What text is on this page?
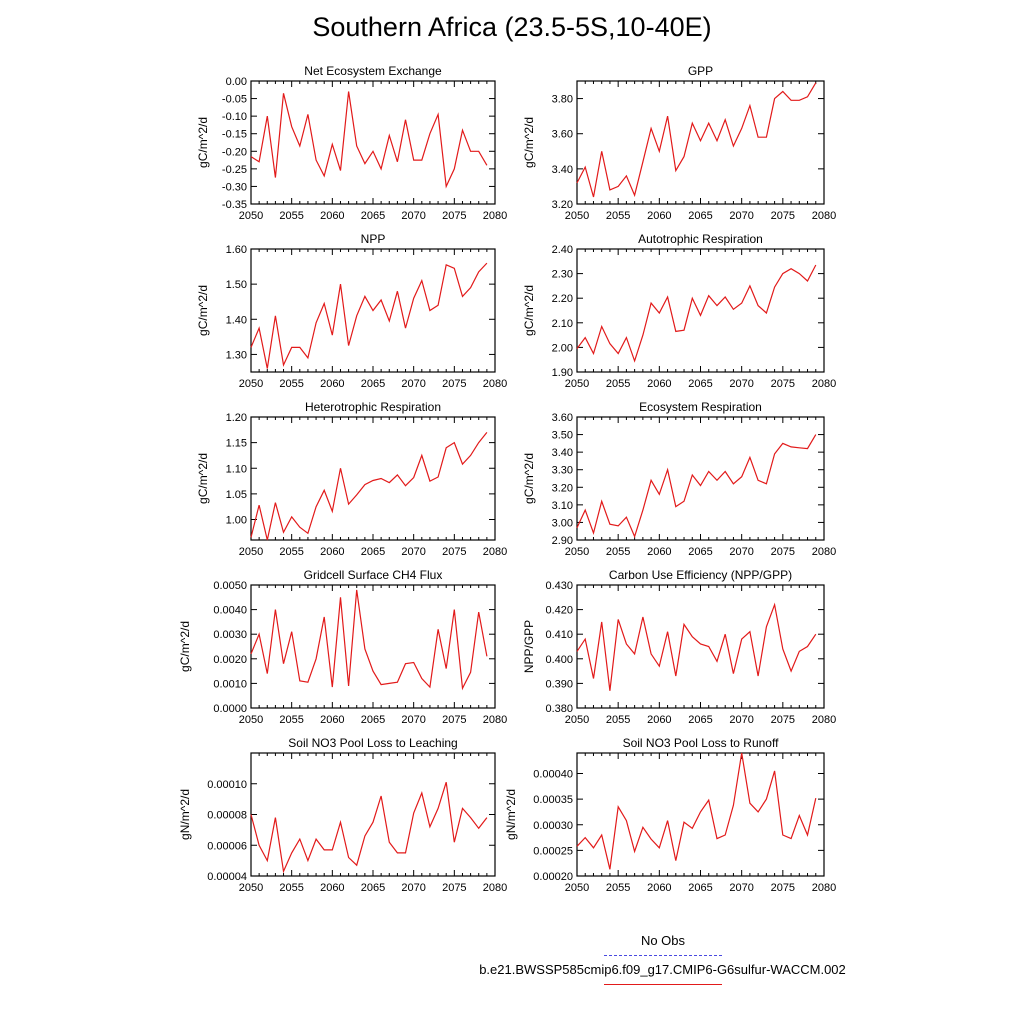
Southern Africa (23.5-5S,10-40E)
Net Ecosystem Exchange
gC/m^2/d
2050 2055 2060 2065 2070 2075 2080
-0.35
-0.30
-0.25
-0.20
-0.15
-0.10
-0.05
0.00
GPP
gC/m^2/d
2050 2055 2060 2065 2070 2075 2080
3.20
3.40
3.60
3.80
NPP
gC/m^2/d
2050 2055 2060 2065 2070 2075 2080
1.30
1.40
1.50
1.60
Autotrophic Respiration
gC/m^2/d
2050 2055 2060 2065 2070 2075 2080
1.90
2.00
2.10
2.20
2.30
2.40
Heterotrophic Respiration
gC/m^2/d
2050 2055 2060 2065 2070 2075 2080
1.00
1.05
1.10
1.15
1.20
Ecosystem Respiration
gC/m^2/d
2050 2055 2060 2065 2070 2075 2080
2.90
3.00
3.10
3.20
3.30
3.40
3.50
3.60
Gridcell Surface CH4 Flux
gC/m^2/d
2050 2055 2060 2065 2070 2075 2080
0.0000
0.0010
0.0020
0.0030
0.0040
0.0050
Carbon Use Efficiency (NPP/GPP)
NPP/GPP
2050 2055 2060 2065 2070 2075 2080
0.380
0.390
0.400
0.410
0.420
0.430
Soil NO3 Pool Loss to Leaching
gN/m^2/d
2050 2055 2060 2065 2070 2075 2080
0.00004
0.00006
0.00008
0.00010
Soil NO3 Pool Loss to Runoff
gN/m^2/d
2050 2055 2060 2065 2070 2075 2080
0.00020
0.00025
0.00030
0.00035
0.00040
No Obs
b.e21.BWSSP585cmip6.f09_g17.CMIP6-G6sulfur-WACCM.002
